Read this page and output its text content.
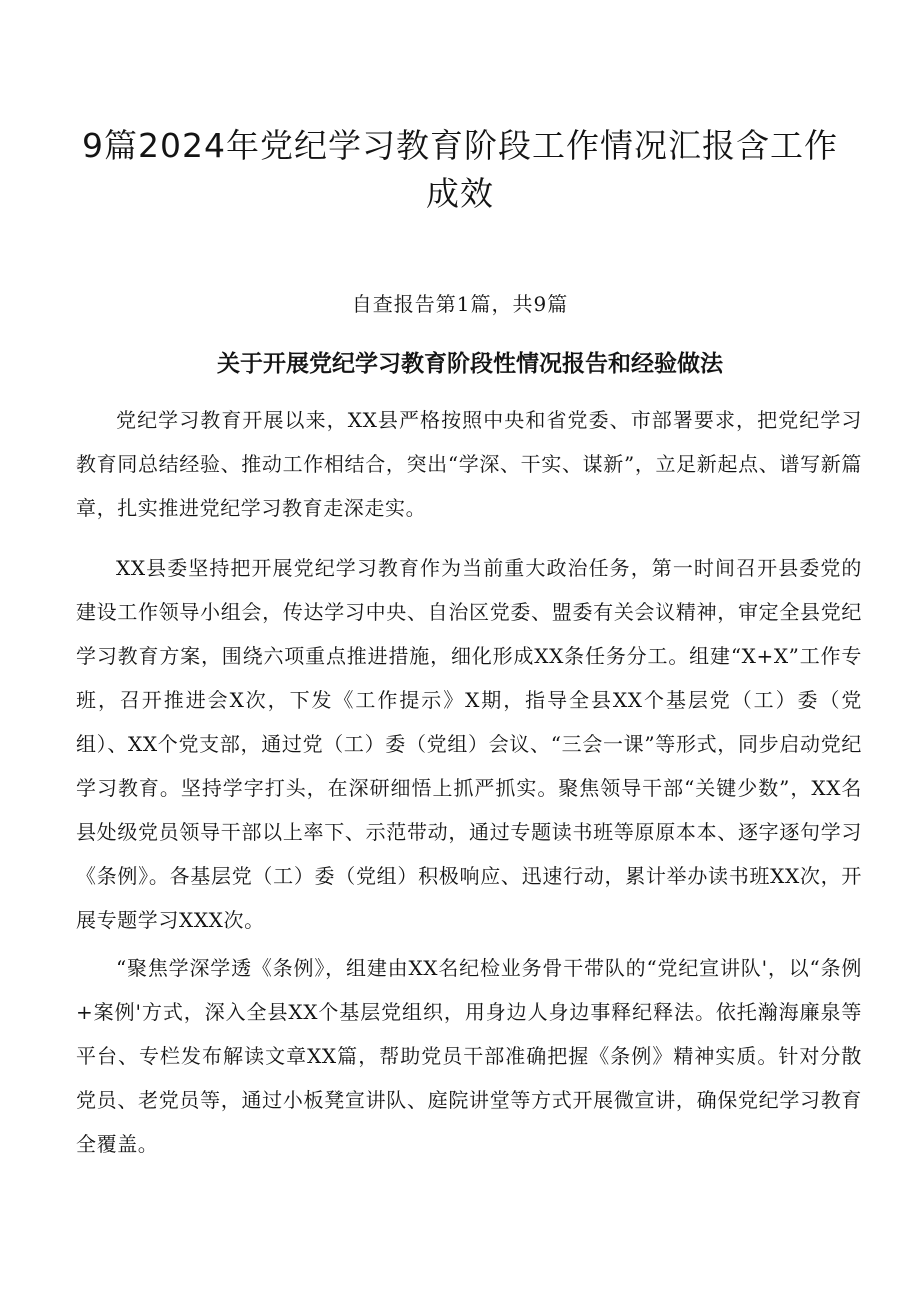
9篇2024年党纪学习教育阶段工作情况汇报含工作
成效

自查报告第1篇，共9篇

关于开展党纪学习教育阶段性情况报告和经验做法

党纪学习教育开展以来，XX县严格按照中央和省党委、市部署要求，把党纪学习教育同总结经验、推动工作相结合，突出“学深、干实、谋新”，立足新起点、谱写新篇章，扎实推进党纪学习教育走深走实。

XX县委坚持把开展党纪学习教育作为当前重大政治任务，第一时间召开县委党的建设工作领导小组会，传达学习中央、自治区党委、盟委有关会议精神，审定全县党纪学习教育方案，围绕六项重点推进措施，细化形成XX条任务分工。组建“X+X”工作专班，召开推进会X次，下发《工作提示》X期，指导全县XX个基层党（工）委（党组）、XX个党支部，通过党（工）委（党组）会议、“三会一课”等形式，同步启动党纪学习教育。坚持学字打头，在深研细悟上抓严抓实。聚焦领导干部“关键少数”，XX名县处级党员领导干部以上率下、示范带动，通过专题读书班等原原本本、逐字逐句学习《条例》。各基层党（工）委（党组）积极响应、迅速行动，累计举办读书班XX次，开展专题学习XXX次。

“聚焦学深学透《条例》，组建由XX名纪检业务骨干带队的“党纪宣讲队'，以“条例+案例'方式，深入全县XX个基层党组织，用身边人身边事释纪释法。依托瀚海廉泉等平台、专栏发布解读文章XX篇，帮助党员干部准确把握《条例》精神实质。针对分散党员、老党员等，通过小板凳宣讲队、庭院讲堂等方式开展微宣讲，确保党纪学习教育全覆盖。
